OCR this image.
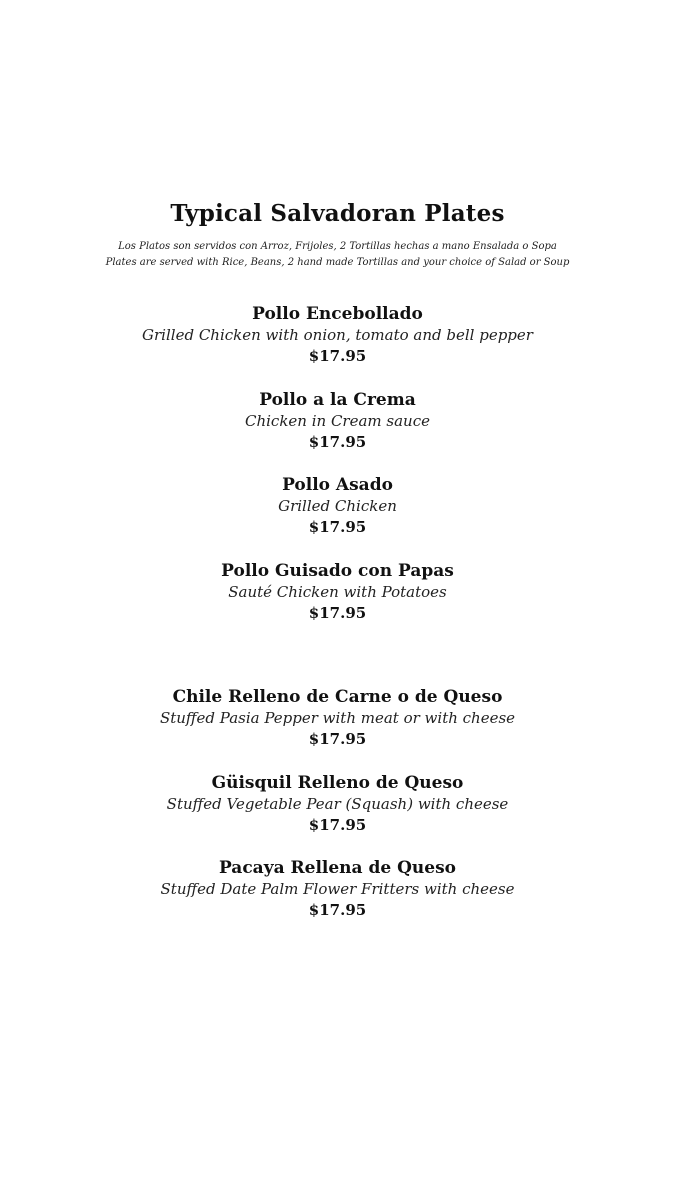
Typical Salvadoran Plates
Los Platos son servidos con Arroz, Frijoles, 2 Tortillas hechas a mano Ensalada o Sopa
Plates are served with Rice, Beans, 2 hand made Tortillas and your choice of Salad or Soup
Pollo Encebollado
Grilled Chicken with onion, tomato and bell pepper
$17.95
Pollo a la Crema
Chicken in Cream sauce
$17.95
Pollo Asado
Grilled Chicken
$17.95
Pollo Guisado con Papas
Sauté Chicken with Potatoes
$17.95
Chile Relleno de Carne o de Queso
Stuffed Pasia Pepper with meat or with cheese
$17.95
Güisquil Relleno de Queso
Stuffed Vegetable Pear (Squash) with cheese
$17.95
Pacaya Rellena de Queso
Stuffed Date Palm Flower Fritters with cheese
$17.95
